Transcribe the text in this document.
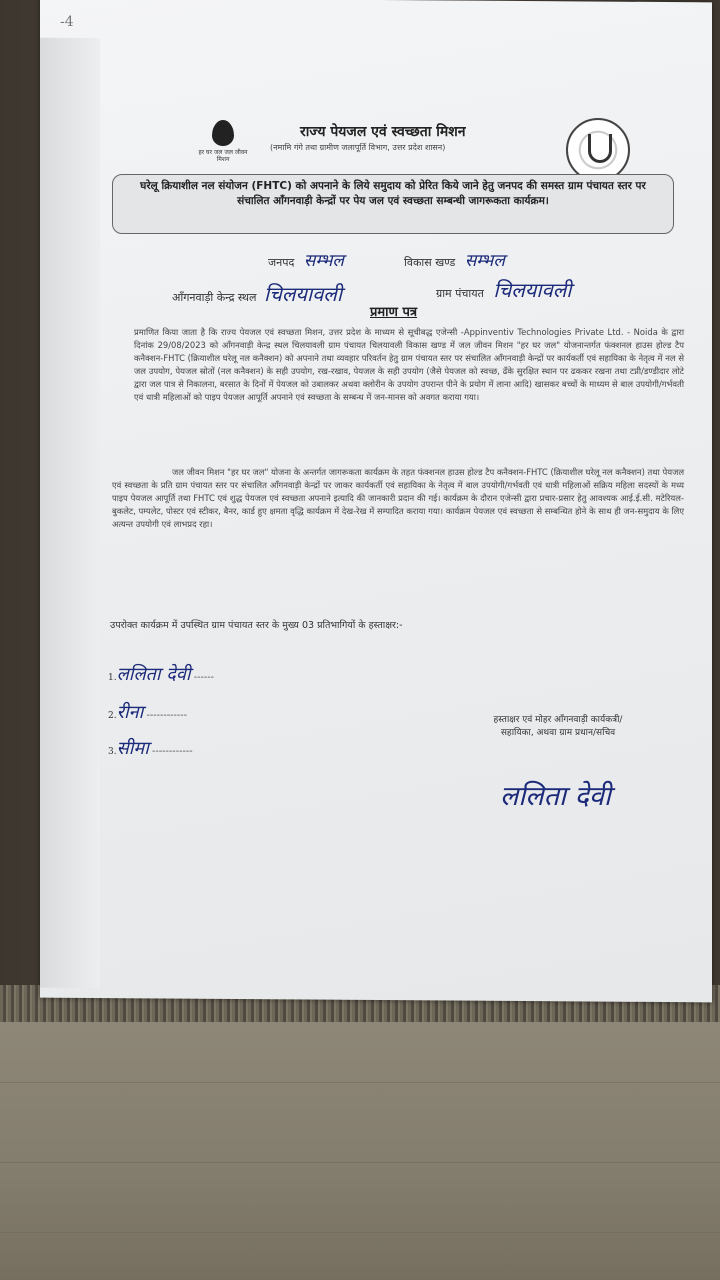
-4
हर घर जल जल जीवन मिशन
राज्य पेयजल एवं स्वच्छता मिशन
(नमामि गंगे तथा ग्रामीण जलापूर्ति विभाग, उत्तर प्रदेश शासन)
घरेलू क्रियाशील नल संयोजन (FHTC) को अपनाने के लिये समुदाय को प्रेरित किये जाने हेतु जनपद की समस्त ग्राम पंचायत स्तर पर संचालित आँगनवाड़ी केन्द्रों पर पेय जल एवं स्वच्छता सम्बन्धी जागरूकता कार्यक्रम।
जनपद सम्भल	विकास खण्ड सम्भल
आँगनवाड़ी केन्द्र स्थल चिलयावली	ग्राम पंचायत चिलयावली
प्रमाण पत्र
प्रमाणित किया जाता है कि राज्य पेयजल एवं स्वच्छता मिशन, उत्तर प्रदेश के माध्यम से सूचीबद्ध एजेन्सी -Appinventiv Technologies Private Ltd. - Noida के द्वारा दिनांक 29/08/2023 को आँगनवाड़ी केन्द्र स्थल चिलयावली ग्राम पंचायत चिलयावली विकास खण्ड में जल जीवन मिशन "हर घर जल" योजनान्तर्गत फंक्शनल हाउस होल्ड टैप कनैक्शन-FHTC (क्रियाशील घरेलू नल कनैक्शन) को अपनाने तथा व्यवहार परिवर्तन हेतु ग्राम पंचायत स्तर पर संचालित आँगनवाड़ी केन्द्रों पर कार्यकर्ती एवं सहायिका के नेतृत्व में नल से जल उपयोग, पेयजल स्रोतों (नल कनैक्शन) के सही उपयोग, रख-रखाव, पेयजल के सही उपयोग (जैसे पेयजल को स्वच्छ, ढँके सुरक्षित स्थान पर ढककर रखना तथा टप्नी/डण्डीदार लोटे द्वारा जल पात्र से निकालना, बरसात के दिनों में पेयजल को उबालकर अथवा क्लोरीन के उपयोग उपरान्त पीने के प्रयोग में लाना आदि) खासकर बच्चों के माध्यम से बाल उपयोगी/गर्भवती एवं धात्री महिलाओं को पाइप पेयजल आपूर्ति अपनाने एवं स्वच्छता के सम्बन्ध में जन-मानस को अवगत कराया गया।
जल जीवन मिशन "हर घर जल" योजना के अन्तर्गत जागरूकता कार्यक्रम के तहत फंक्शनल हाउस होल्ड टैप कनैक्शन-FHTC (क्रियाशील घरेलू नल कनैक्शन) तथा पेयजल एवं स्वच्छता के प्रति ग्राम पंचायत स्तर पर संचालित आँगनवाड़ी केन्द्रों पर जाकर कार्यकर्ती एवं सहायिका के नेतृत्व में बाल उपयोगी/गर्भवती एवं धात्री महिलाओं सक्रिय महिला सदस्यों के मध्य पाइप पेयजल आपूर्ति तथा FHTC एवं शुद्ध पेयजल एवं स्वच्छता अपनाने इत्यादि की जानकारी प्रदान की गई। कार्यक्रम के दौरान एजेन्सी द्वारा प्रचार-प्रसार हेतु आवश्यक आई.ई.सी. मटेरियल-बुकलेट, पम्पलेट, पोस्टर एवं स्टीकर, बैनर, कार्ड हुए क्षमता वृद्धि कार्यक्रम में देख-रेख में सम्पादित कराया गया। कार्यक्रम पेयजल एवं स्वच्छता से सम्बन्धित होने के साथ ही जन-समुदाय के लिए अत्यन्त उपयोगी एवं लाभप्रद रहा।
उपरोक्त कार्यक्रम में उपस्थित ग्राम पंचायत स्तर के मुख्य 03 प्रतिभागियों के हस्ताक्षर:-
1.ललिता देवी ------
2.रीना ------------
3.सीमा ------------
हस्ताक्षर एवं मोहर आँगनवाड़ी कार्यकत्री/सहायिका, अथवा ग्राम प्रधान/सचिव
ललिता देवी
